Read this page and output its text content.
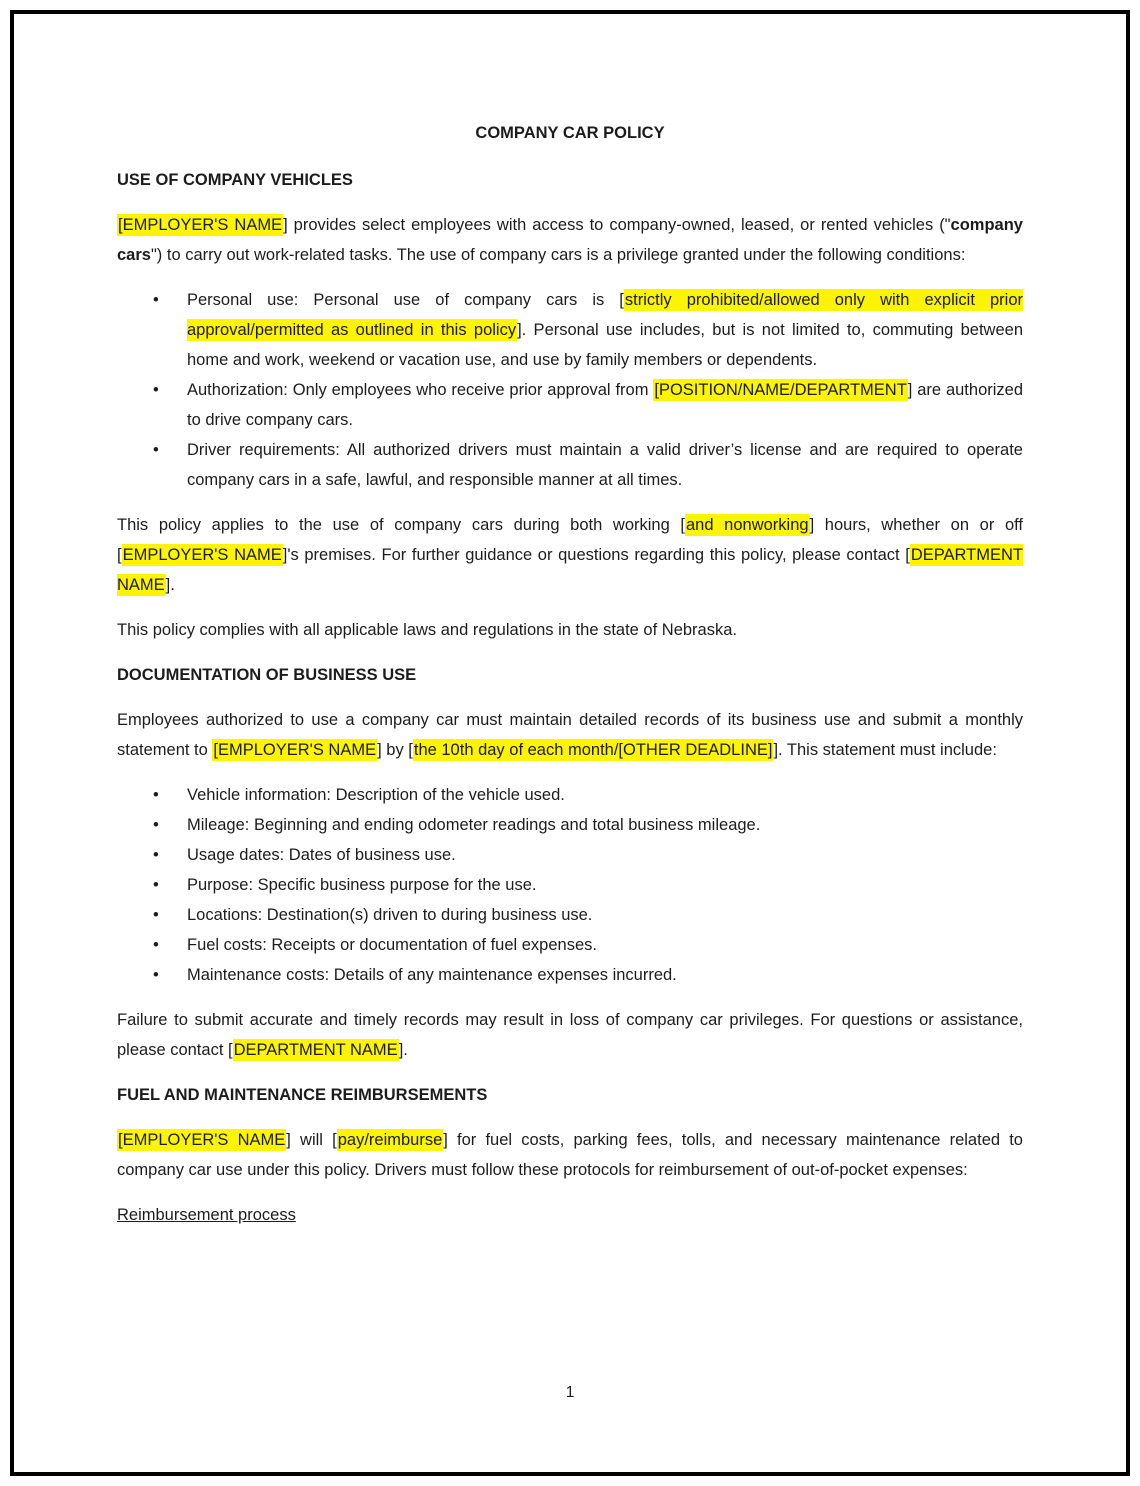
COMPANY CAR POLICY
USE OF COMPANY VEHICLES
[EMPLOYER'S NAME] provides select employees with access to company-owned, leased, or rented vehicles ("company cars") to carry out work-related tasks. The use of company cars is a privilege granted under the following conditions:
• Personal use: Personal use of company cars is [strictly prohibited/allowed only with explicit prior approval/permitted as outlined in this policy]. Personal use includes, but is not limited to, commuting between home and work, weekend or vacation use, and use by family members or dependents.
• Authorization: Only employees who receive prior approval from [POSITION/NAME/DEPARTMENT] are authorized to drive company cars.
• Driver requirements: All authorized drivers must maintain a valid driver’s license and are required to operate company cars in a safe, lawful, and responsible manner at all times.
This policy applies to the use of company cars during both working [and nonworking] hours, whether on or off [EMPLOYER'S NAME]'s premises. For further guidance or questions regarding this policy, please contact [DEPARTMENT NAME].
This policy complies with all applicable laws and regulations in the state of Nebraska.
DOCUMENTATION OF BUSINESS USE
Employees authorized to use a company car must maintain detailed records of its business use and submit a monthly statement to [EMPLOYER'S NAME] by [the 10th day of each month/[OTHER DEADLINE]]. This statement must include:
• Vehicle information: Description of the vehicle used.
• Mileage: Beginning and ending odometer readings and total business mileage.
• Usage dates: Dates of business use.
• Purpose: Specific business purpose for the use.
• Locations: Destination(s) driven to during business use.
• Fuel costs: Receipts or documentation of fuel expenses.
• Maintenance costs: Details of any maintenance expenses incurred.
Failure to submit accurate and timely records may result in loss of company car privileges. For questions or assistance, please contact [DEPARTMENT NAME].
FUEL AND MAINTENANCE REIMBURSEMENTS
[EMPLOYER'S NAME] will [pay/reimburse] for fuel costs, parking fees, tolls, and necessary maintenance related to company car use under this policy. Drivers must follow these protocols for reimbursement of out-of-pocket expenses:
Reimbursement process
1
